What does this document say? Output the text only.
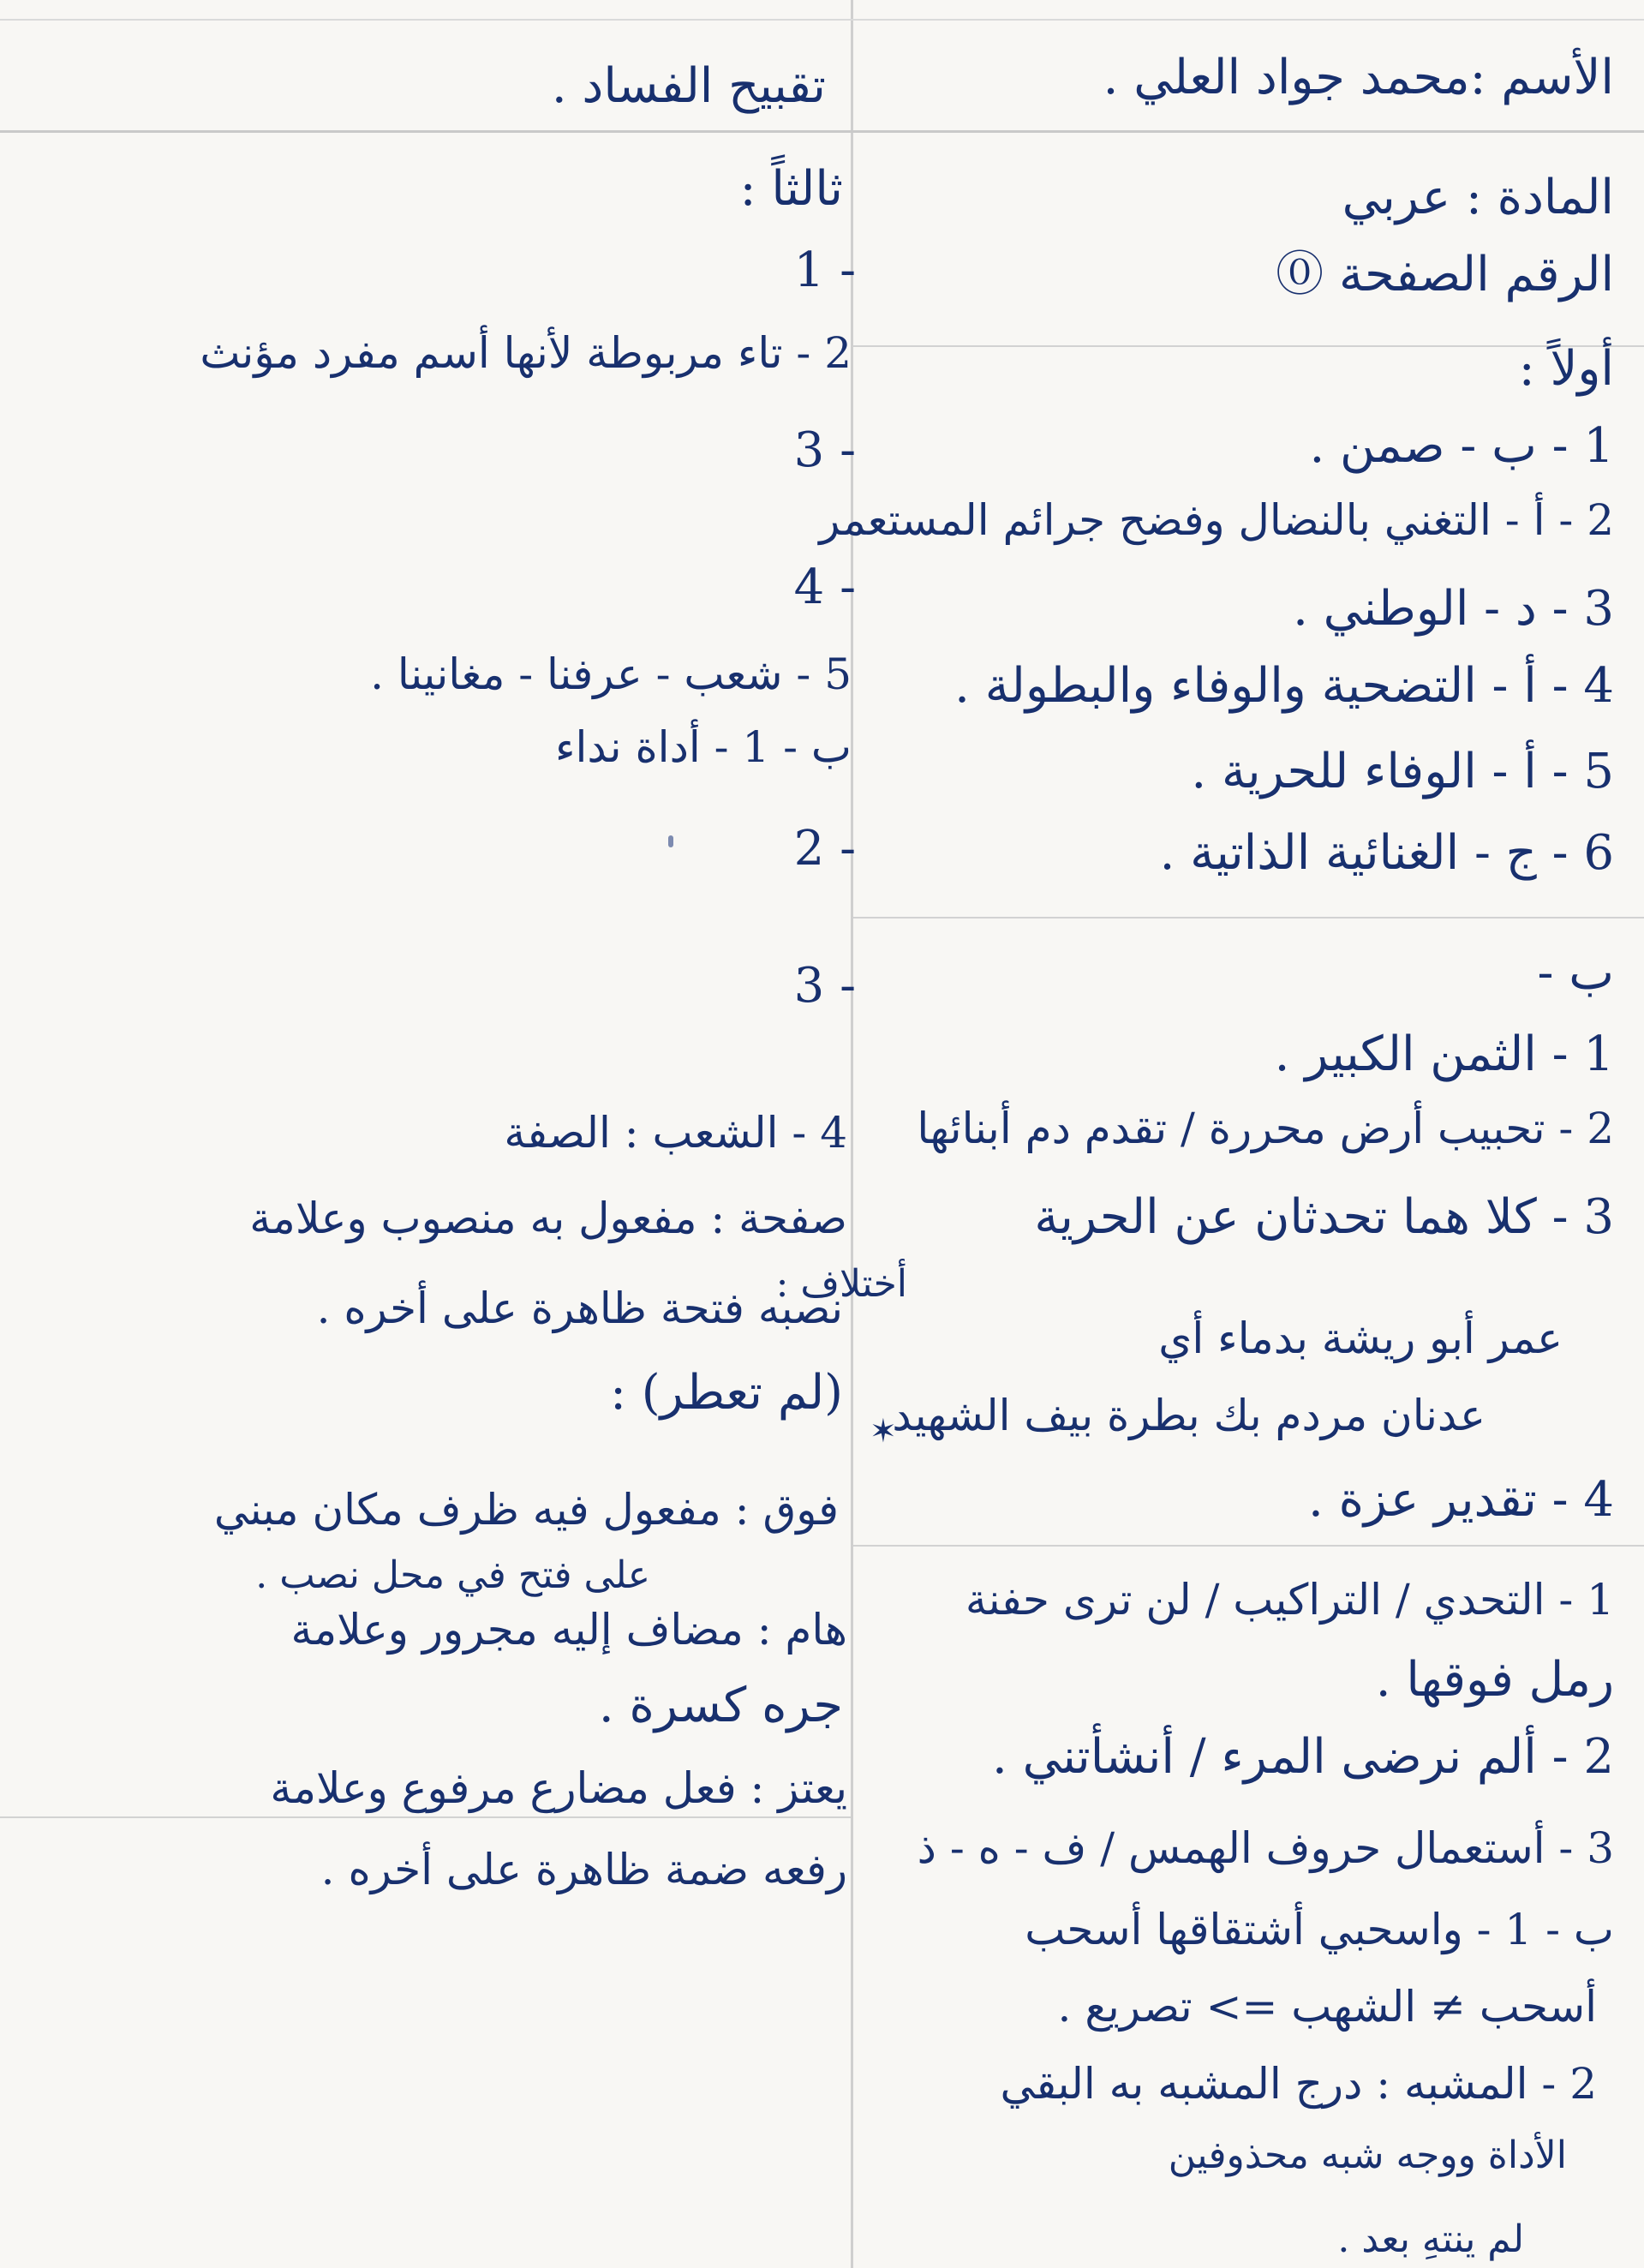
الأسم :محمد جواد العلي .
المادة : عربي
الرقم الصفحة ⓪
تقبيح الفساد .
أولاً :
1 - ب - صمن .
2 - أ - التغني بالنضال وفضح جرائم المستعمر
3 - د - الوطني .
4 - أ - التضحية والوفاء والبطولة .
5 - أ - الوفاء للحرية .
6 - ج - الغنائية الذاتية .
ب -
1 - الثمن الكبير .
2 - تحبيب أرض محررة / تقدم دم أبنائها
3 - كلا هما تحدثان عن الحرية
أختلاف :
عمر أبو ريشة بدماء أي
عدنان مردم بك بطرة بيف الشهيد
4 - تقدير عزة .
1 - التحدي / التراكيب / لن ترى حفنة
رمل فوقها .
2 - ألم نرضى المرء / أنشأتني .
3 - أستعمال حروف الهمس / ف - ه - ذ
ب - 1 - واسحبي أشتقاقها أسحب
أسحب ≠ الشهب => تصريع .
2 - المشبه : درج المشبه به البقي
الأداة ووجه شبه محذوفين
لم ينتهِ بعد .
ثالثاً :
- 1
2 - تاء مربوطة لأنها أسم مفرد مؤنث
- 3
- 4
5 - شعب - عرفنا - مغانينا .
ب - 1 - أداة نداء
- 2
- 3
4 - الشعب : الصفة
صفحة : مفعول به منصوب وعلامة
نصبه فتحة ظاهرة على أخره .
(لم تعطر) :
✶
فوق : مفعول فيه ظرف مكان مبني
على فتح في محل نصب .
هام : مضاف إليه مجرور وعلامة
جره كسرة .
يعتز : فعل مضارع مرفوع وعلامة
رفعه ضمة ظاهرة على أخره .
